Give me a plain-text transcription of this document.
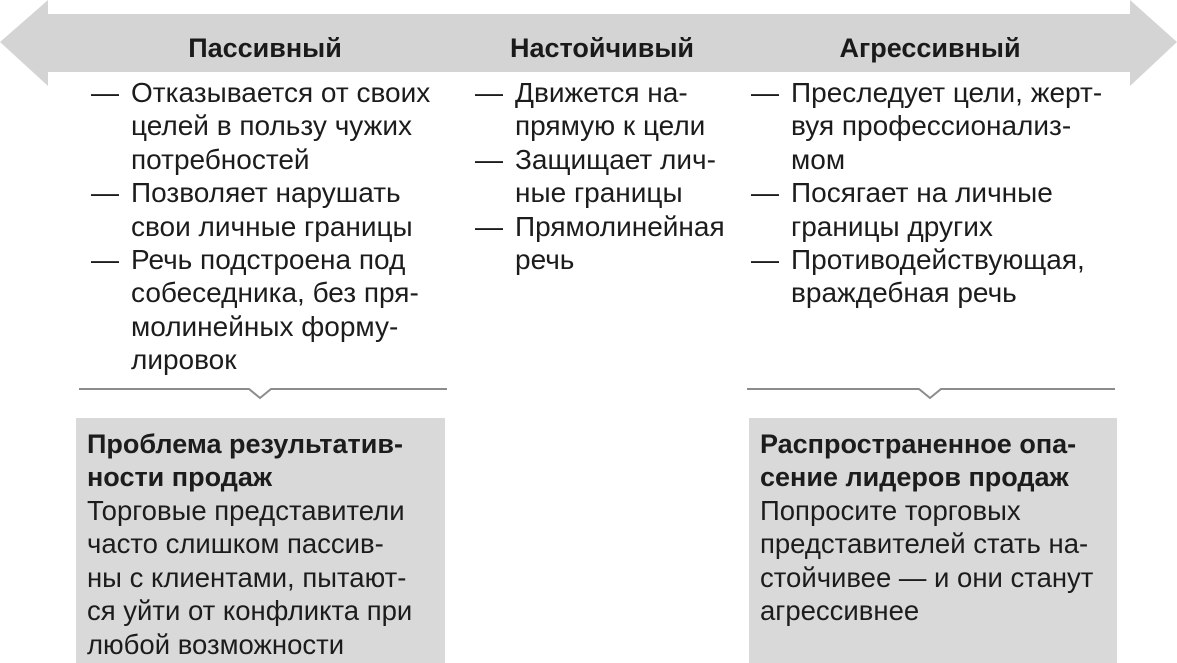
Пассивный	Настойчивый	Агрессивный
— Отказывается от своих
целей в пользу чужих
потребностей
— Позволяет нарушать
свои личные границы
— Речь подстроена под
собеседника, без пря-
молинейных форму-
лировок
— Движется на-
прямую к цели
— Защищает лич-
ные границы
— Прямолинейная
речь
— Преследует цели, жерт-
вуя профессионализ-
мом
— Посягает на личные
границы других
— Противодействующая,
враждебная речь
Проблема результатив-
ности продаж
Торговые представители
часто слишком пассив-
ны с клиентами, пытают-
ся уйти от конфликта при
любой возможности
Распространенное опа-
сение лидеров продаж
Попросите торговых
представителей стать на-
стойчивее — и они станут
агрессивнее
